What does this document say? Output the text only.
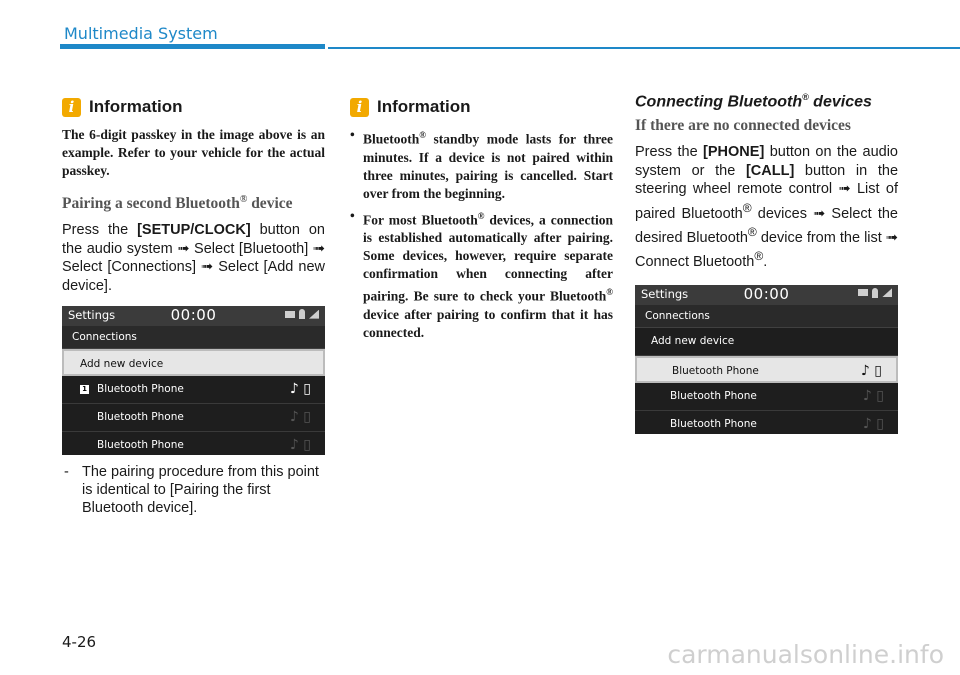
Multimedia System
i Information
The 6-digit passkey in the image above is an example. Refer to your vehicle for the actual passkey.
Pairing a second Bluetooth® device
Press the [SETUP/CLOCK] button on the audio system ➟ Select [Bluetooth] ➟ Select [Connections] ➟ Select [Add new device].
Settings	00:00
Connections
Add new device
1 Bluetooth Phone	♪ ▯
Bluetooth Phone	♪ ▯
Bluetooth Phone	♪ ▯
- The pairing procedure from this point is identical to [Pairing the first Bluetooth device].
i Information
• Bluetooth® standby mode lasts for three minutes. If a device is not paired within three minutes, pairing is cancelled. Start over from the beginning.
• For most Bluetooth® devices, a connection is established automatically after pairing. Some devices, however, require separate confirmation when connecting after pairing. Be sure to check your Bluetooth® device after pairing to confirm that it has connected.
Connecting Bluetooth® devices
If there are no connected devices
Press the [PHONE] button on the audio system or the [CALL] button in the steering wheel remote control ➟ List of paired Bluetooth® devices ➟ Select the desired Bluetooth® device from the list ➟ Connect Bluetooth®.
Settings	00:00
Connections
Add new device
Bluetooth Phone	♪ ▯
Bluetooth Phone	♪ ▯
Bluetooth Phone	♪ ▯
4-26	carmanualsonline.info
